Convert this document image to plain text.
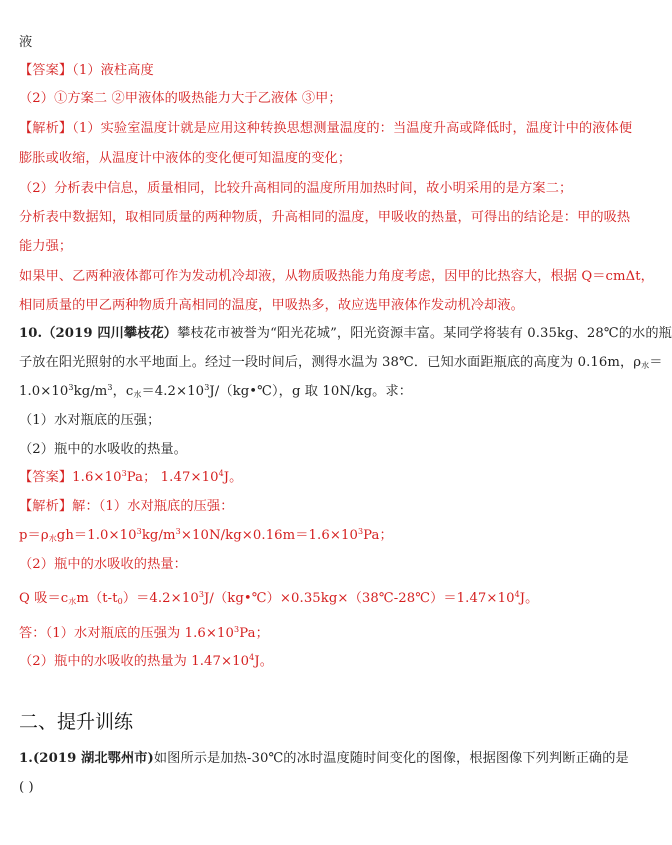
液
【答案】（1）液柱高度
（2）①方案二 ②甲液体的吸热能力大于乙液体 ③甲；
【解析】（1）实验室温度计就是应用这种转换思想测量温度的：当温度升高或降低时，温度计中的液体便
膨胀或收缩，从温度计中液体的变化便可知温度的变化；
（2）分析表中信息，质量相同，比较升高相同的温度所用加热时间，故小明采用的是方案二；
分析表中数据知，取相同质量的两种物质，升高相同的温度，甲吸收的热量，可得出的结论是：甲的吸热
能力强；
如果甲、乙两种液体都可作为发动机冷却液，从物质吸热能力角度考虑，因甲的比热容大，根据 Q＝cmΔt，
相同质量的甲乙两种物质升高相同的温度，甲吸热多，故应选甲液体作发动机冷却液。
10.（2019 四川攀枝花）攀枝花市被誉为“阳光花城”，阳光资源丰富。某同学将装有 0.35kg、28℃的水的瓶
子放在阳光照射的水平地面上。经过一段时间后，测得水温为 38℃．已知水面距瓶底的高度为 0.16m，$\rho_水=$
$1.0\times 10^3kg/m^3$，$c_水=4.2\times 10^3J/(kg•℃)$，g 取 10N/kg。求：
（1）水对瓶底的压强；
（2）瓶中的水吸收的热量。
【答案】$1.6\times 10^3Pa$； $1.47\times 10^4J$。
【解析】解：（1）水对瓶底的压强：
$p=\rho_水gh=1.0\times 10^3kg/m^3\times 10N/kg\times 0.16m=1.6\times 10^3Pa$；
（2）瓶中的水吸收的热量：
Q 吸$=c_水m(t-t_0)=4.2\times 10^3J/(kg•℃)\times 0.35kg\times(38℃-28℃)=1.47\times 10^4J$。
答：（1）水对瓶底的压强为 $1.6\times 10^3Pa$；
（2）瓶中的水吸收的热量为 $1.47\times 10^4J$。
二、提升训练
1.(2019 湖北鄂州市)如图所示是加热-30℃的冰时温度随时间变化的图像，根据图像下列判断正确的是
( )
